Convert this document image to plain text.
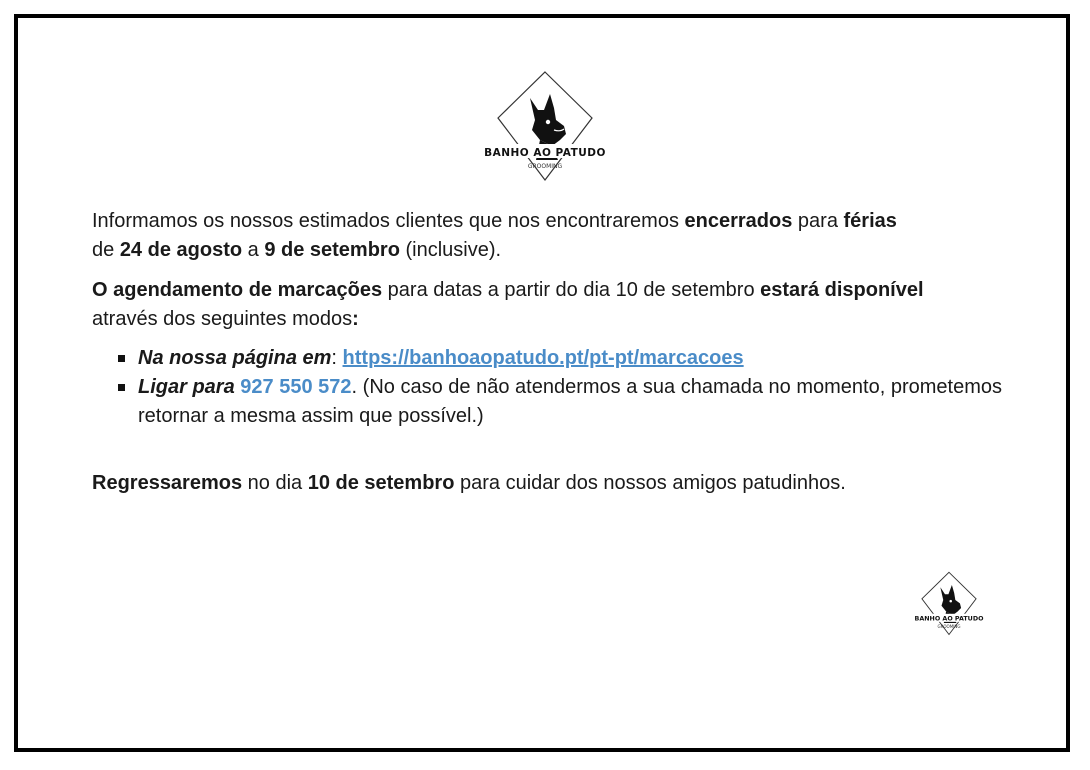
BANHO AO PATUDO
GROOMING

Informamos os nossos estimados clientes que nos encontraremos encerrados para férias
de 24 de agosto a 9 de setembro (inclusive).

O agendamento de marcações para datas a partir do dia 10 de setembro estará disponível
através dos seguintes modos:

Na nossa página em: https://banhoaopatudo.pt/pt-pt/marcacoes
Ligar para 927 550 572. (No caso de não atendermos a sua chamada no momento, prometemos retornar a mesma assim que possível.)

Regressaremos no dia 10 de setembro para cuidar dos nossos amigos patudinhos.

BANHO AO PATUDO
GROOMING
